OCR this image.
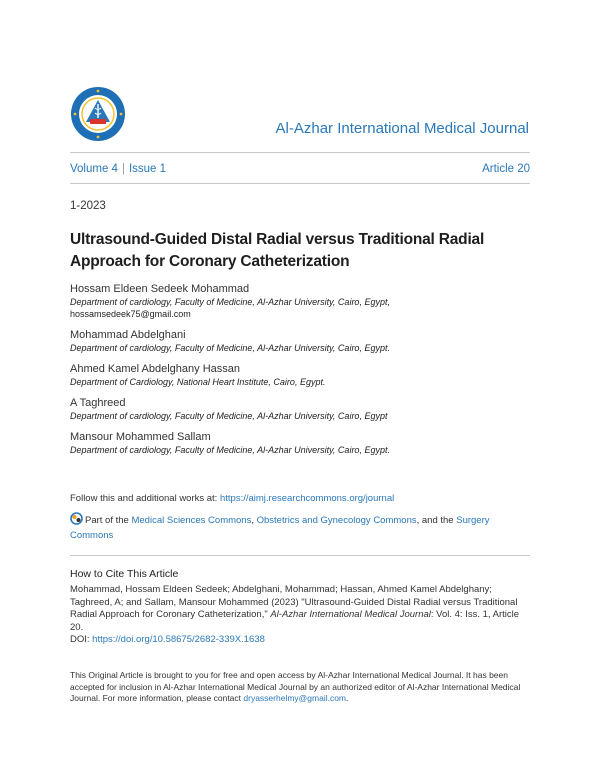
Al-Azhar International Medical Journal
Volume 4 | Issue 1	Article 20
1-2023
Ultrasound-Guided Distal Radial versus Traditional Radial Approach for Coronary Catheterization
Hossam Eldeen Sedeek Mohammad
Department of cardiology, Faculty of Medicine, Al-Azhar University, Cairo, Egypt,
hossamsedeek75@gmail.com
Mohammad Abdelghani
Department of cardiology, Faculty of Medicine, Al-Azhar University, Cairo, Egypt.
Ahmed Kamel Abdelghany Hassan
Department of Cardiology, National Heart Institute, Cairo, Egypt.
A Taghreed
Department of cardiology, Faculty of Medicine, Al-Azhar University, Cairo, Egypt
Mansour Mohammed Sallam
Department of cardiology, Faculty of Medicine, Al-Azhar University, Cairo, Egypt.
Follow this and additional works at: https://aimj.researchcommons.org/journal
Part of the Medical Sciences Commons, Obstetrics and Gynecology Commons, and the Surgery Commons
How to Cite This Article
Mohammad, Hossam Eldeen Sedeek; Abdelghani, Mohammad; Hassan, Ahmed Kamel Abdelghany; Taghreed, A; and Sallam, Mansour Mohammed (2023) "Ultrasound-Guided Distal Radial versus Traditional Radial Approach for Coronary Catheterization," Al-Azhar International Medical Journal: Vol. 4: Iss. 1, Article 20.
DOI: https://doi.org/10.58675/2682-339X.1638
This Original Article is brought to you for free and open access by Al-Azhar International Medical Journal. It has been accepted for inclusion in Al-Azhar International Medical Journal by an authorized editor of Al-Azhar International Medical Journal. For more information, please contact dryasserhelmy@gmail.com.
